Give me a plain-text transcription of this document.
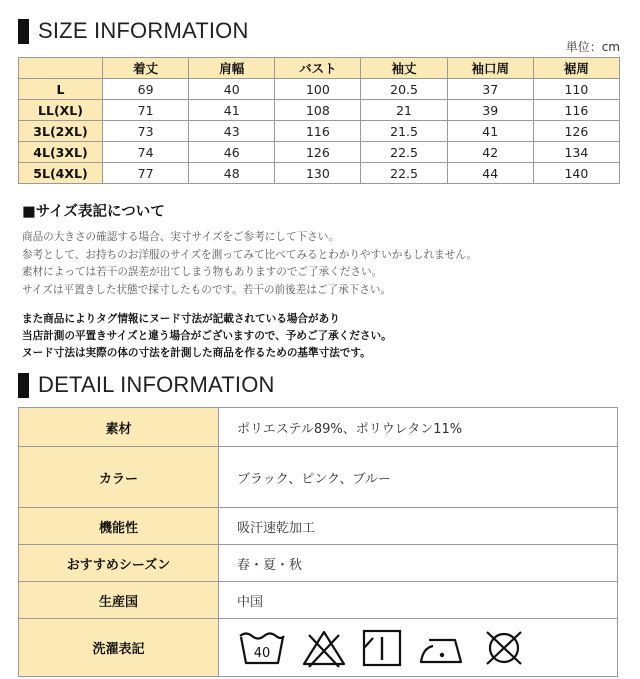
SIZE INFORMATION
単位：cm
	着丈	肩幅	バスト	袖丈	袖口周	裾周
L	69	40	100	20.5	37	110
LL(XL)	71	41	108	21	39	116
3L(2XL)	73	43	116	21.5	41	126
4L(3XL)	74	46	126	22.5	42	134
5L(4XL)	77	48	130	22.5	44	140
■サイズ表記について
商品の大きさの確認する場合、実寸サイズをご参考にして下さい。
参考として、お持ちのお洋服のサイズを測ってみて比べてみるとわかりやすいかもしれません。
素材によっては若干の誤差が出てしまう物もありますのでご了承ください。
サイズは平置きした状態で採寸したものです。若干の前後差はご了承下さい。
また商品によりタグ情報にヌード寸法が記載されている場合があり
当店計測の平置きサイズと違う場合がございますので、予めご了承ください。
ヌード寸法は実際の体の寸法を計測した商品を作るための基準寸法です。
DETAIL INFORMATION
素材	ポリエステル89%、ポリウレタン11%
カラー	ブラック、ピンク、ブルー
機能性	吸汗速乾加工
おすすめシーズン	春・夏・秋
生産国	中国
洗濯表記	40
